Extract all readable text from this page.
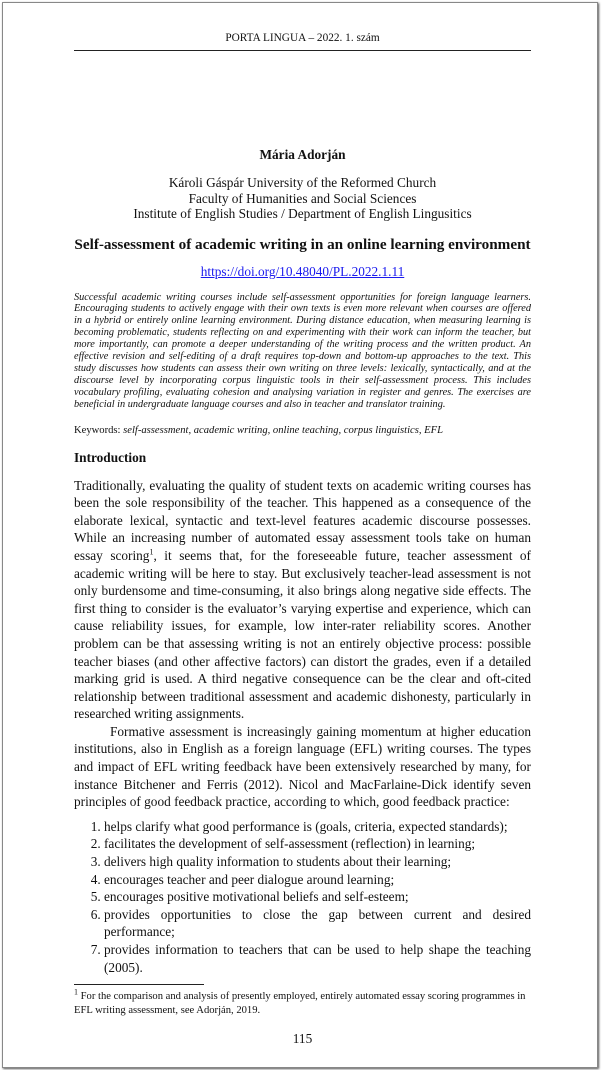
PORTA LINGUA – 2022. 1. szám
Mária Adorján
Károli Gáspár University of the Reformed Church
Faculty of Humanities and Social Sciences
Institute of English Studies / Department of English Lingusitics
Self-assessment of academic writing in an online learning environment
https://doi.org/10.48040/PL.2022.1.11
Successful academic writing courses include self-assessment opportunities for foreign language learners. Encouraging students to actively engage with their own texts is even more relevant when courses are offered in a hybrid or entirely online learning environment. During distance education, when measuring learning is becoming problematic, students reflecting on and experimenting with their work can inform the teacher, but more importantly, can promote a deeper understanding of the writing process and the written product. An effective revision and self-editing of a draft requires top-down and bottom-up approaches to the text. This study discusses how students can assess their own writing on three levels: lexically, syntactically, and at the discourse level by incorporating corpus linguistic tools in their self-assessment process. This includes vocabulary profiling, evaluating cohesion and analysing variation in register and genres. The exercises are beneficial in undergraduate language courses and also in teacher and translator training.
Keywords: self-assessment, academic writing, online teaching, corpus linguistics, EFL
Introduction

Traditionally, evaluating the quality of student texts on academic writing courses has been the sole responsibility of the teacher. This happened as a consequence of the elaborate lexical, syntactic and text-level features academic discourse possesses. While an increasing number of automated essay assessment tools take on human essay scoring$^1$, it seems that, for the foreseeable future, teacher assessment of academic writing will be here to stay. But exclusively teacher-lead assessment is not only burdensome and time-consuming, it also brings along negative side effects. The first thing to consider is the evaluator’s varying expertise and experience, which can cause reliability issues, for example, low inter-rater reliability scores. Another problem can be that assessing writing is not an entirely objective process: possible teacher biases (and other affective factors) can distort the grades, even if a detailed marking grid is used. A third negative consequence can be the clear and oft-cited relationship between traditional assessment and academic dishonesty, particularly in researched writing assignments.

Formative assessment is increasingly gaining momentum at higher education institutions, also in English as a foreign language (EFL) writing courses. The types and impact of EFL writing feedback have been extensively researched by many, for instance Bitchener and Ferris (2012). Nicol and MacFarlaine-Dick identify seven principles of good feedback practice, according to which, good feedback practice:

1. helps clarify what good performance is (goals, criteria, expected standards);
2. facilitates the development of self-assessment (reflection) in learning;
3. delivers high quality information to students about their learning;
4. encourages teacher and peer dialogue around learning;
5. encourages positive motivational beliefs and self-esteem;
6. provides opportunities to close the gap between current and desired performance;
7. provides information to teachers that can be used to help shape the teaching (2005).
$^1$ For the comparison and analysis of presently employed, entirely automated essay scoring programmes in EFL writing assessment, see Adorján, 2019.
115
